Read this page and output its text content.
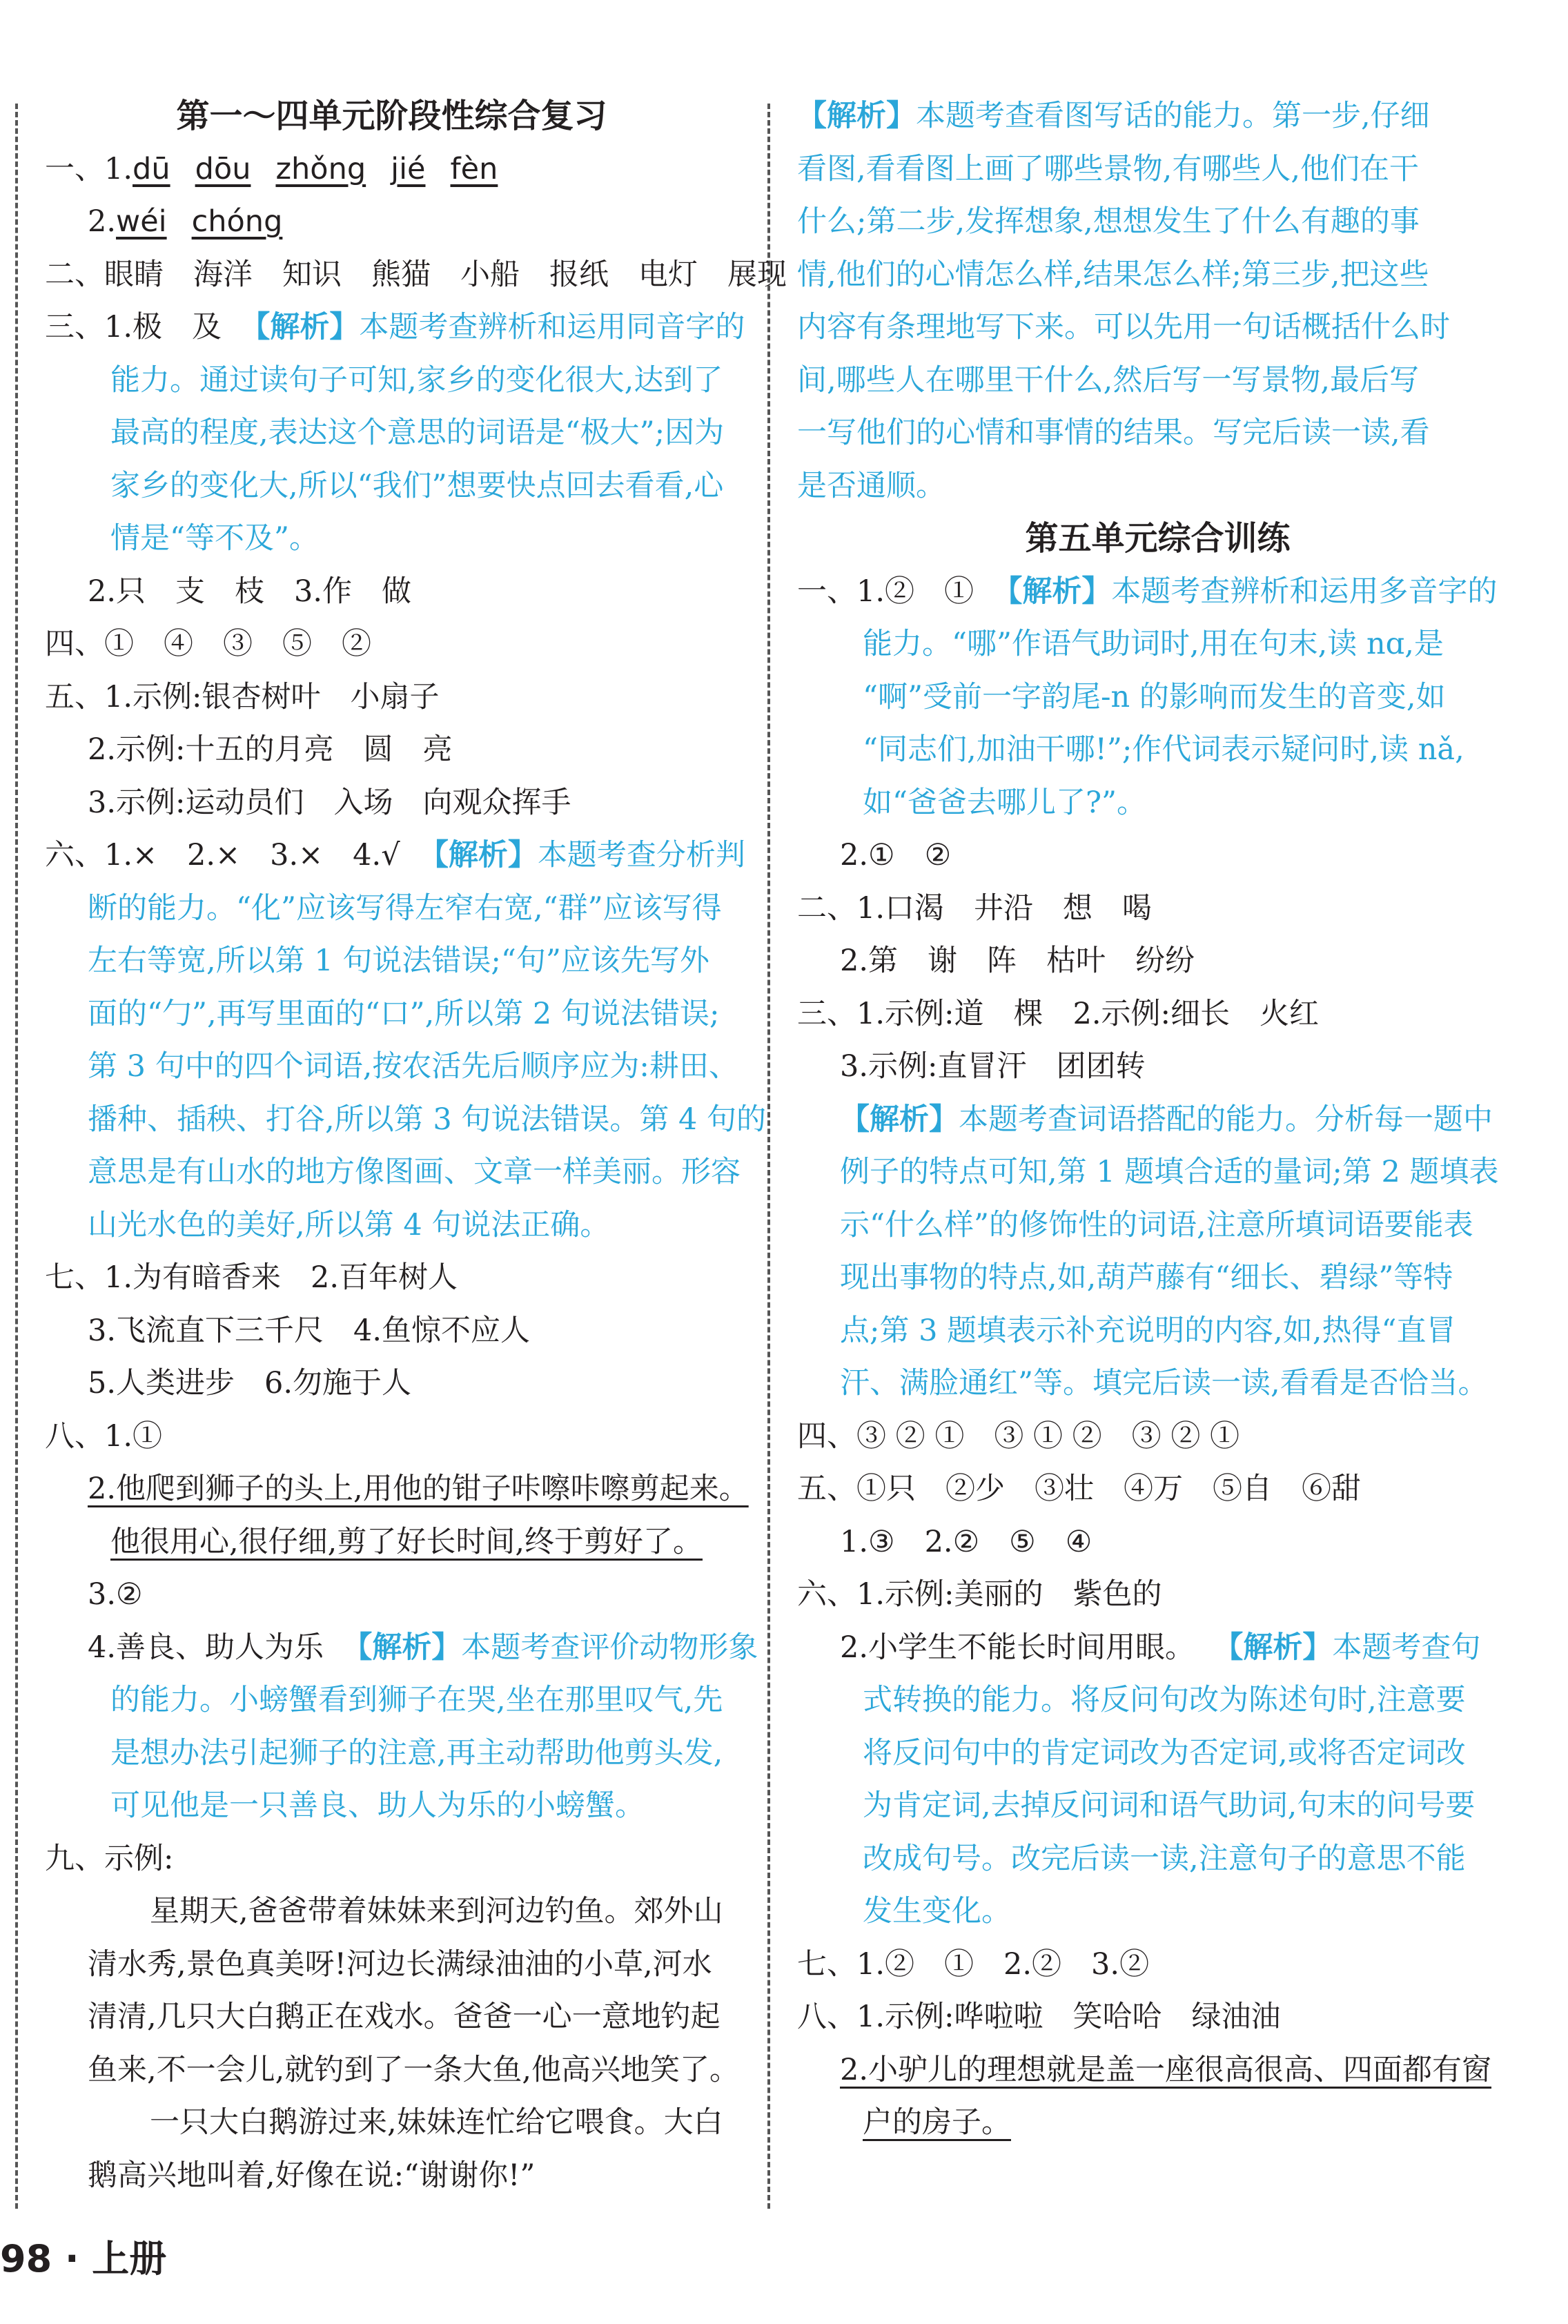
第一～四单元阶段性综合复习
一、1.dū dōu zhǒng jié fèn
2.wéi chóng
二、眼睛　海洋　知识　熊猫　小船　报纸　电灯　展现
三、1.极　及 【解析】本题考查辨析和运用同音字的
能力。通过读句子可知,家乡的变化很大,达到了
最高的程度,表达这个意思的词语是“极大”;因为
家乡的变化大,所以“我们”想要快点回去看看,心
情是“等不及”。
2.只　支　枝　3.作　做
四、①　④　③　⑤　②
五、1.示例:银杏树叶　小扇子
2.示例:十五的月亮　圆　亮
3.示例:运动员们　入场　向观众挥手
六、1.×　2.×　3.×　4.√ 【解析】本题考查分析判
断的能力。“化”应该写得左窄右宽,“群”应该写得
左右等宽,所以第 1 句说法错误;“句”应该先写外
面的“勹”,再写里面的“口”,所以第 2 句说法错误;
第 3 句中的四个词语,按农活先后顺序应为:耕田、
播种、插秧、打谷,所以第 3 句说法错误。第 4 句的
意思是有山水的地方像图画、文章一样美丽。形容
山光水色的美好,所以第 4 句说法正确。
七、1.为有暗香来　2.百年树人
3.飞流直下三千尺　4.鱼惊不应人
5.人类进步　6.勿施于人
八、1.①
2.他爬到狮子的头上,用他的钳子咔嚓咔嚓剪起来。
他很用心,很仔细,剪了好长时间,终于剪好了。
3.②
4.善良、助人为乐 【解析】本题考查评价动物形象
的能力。小螃蟹看到狮子在哭,坐在那里叹气,先
是想办法引起狮子的注意,再主动帮助他剪头发,
可见他是一只善良、助人为乐的小螃蟹。
九、示例:
星期天,爸爸带着妹妹来到河边钓鱼。郊外山
清水秀,景色真美呀!河边长满绿油油的小草,河水
清清,几只大白鹅正在戏水。爸爸一心一意地钓起
鱼来,不一会儿,就钓到了一条大鱼,他高兴地笑了。
一只大白鹅游过来,妹妹连忙给它喂食。大白
鹅高兴地叫着,好像在说:“谢谢你!”
【解析】本题考查看图写话的能力。第一步,仔细
看图,看看图上画了哪些景物,有哪些人,他们在干
什么;第二步,发挥想象,想想发生了什么有趣的事
情,他们的心情怎么样,结果怎么样;第三步,把这些
内容有条理地写下来。可以先用一句话概括什么时
间,哪些人在哪里干什么,然后写一写景物,最后写
一写他们的心情和事情的结果。写完后读一读,看
是否通顺。
第五单元综合训练
一、1.②　① 【解析】本题考查辨析和运用多音字的
能力。“哪”作语气助词时,用在句末,读 nɑ,是
“啊”受前一字韵尾-n 的影响而发生的音变,如
“同志们,加油干哪!”;作代词表示疑问时,读 nǎ,
如“爸爸去哪儿了?”。
2.①　②
二、1.口渴　井沿　想　喝
2.第　谢　阵　枯叶　纷纷
三、1.示例:道　棵　2.示例:细长　火红
3.示例:直冒汗　团团转
【解析】本题考查词语搭配的能力。分析每一题中
例子的特点可知,第 1 题填合适的量词;第 2 题填表
示“什么样”的修饰性的词语,注意所填词语要能表
现出事物的特点,如,葫芦藤有“细长、碧绿”等特
点;第 3 题填表示补充说明的内容,如,热得“直冒
汗、满脸通红”等。填完后读一读,看看是否恰当。
四、③ ② ①　③ ① ②　③ ② ①
五、①只　②少　③壮　④万　⑤自　⑥甜
1.③　2.②　⑤　④
六、1.示例:美丽的　紫色的
2.小学生不能长时间用眼。 【解析】本题考查句
式转换的能力。将反问句改为陈述句时,注意要
将反问句中的肯定词改为否定词,或将否定词改
为肯定词,去掉反问词和语气助词,句末的问号要
改成句号。改完后读一读,注意句子的意思不能
发生变化。
七、1.②　①　2.②　3.②
八、1.示例:哗啦啦　笑哈哈　绿油油
2.小驴儿的理想就是盖一座很高很高、四面都有窗
户的房子。
98 · 上册
